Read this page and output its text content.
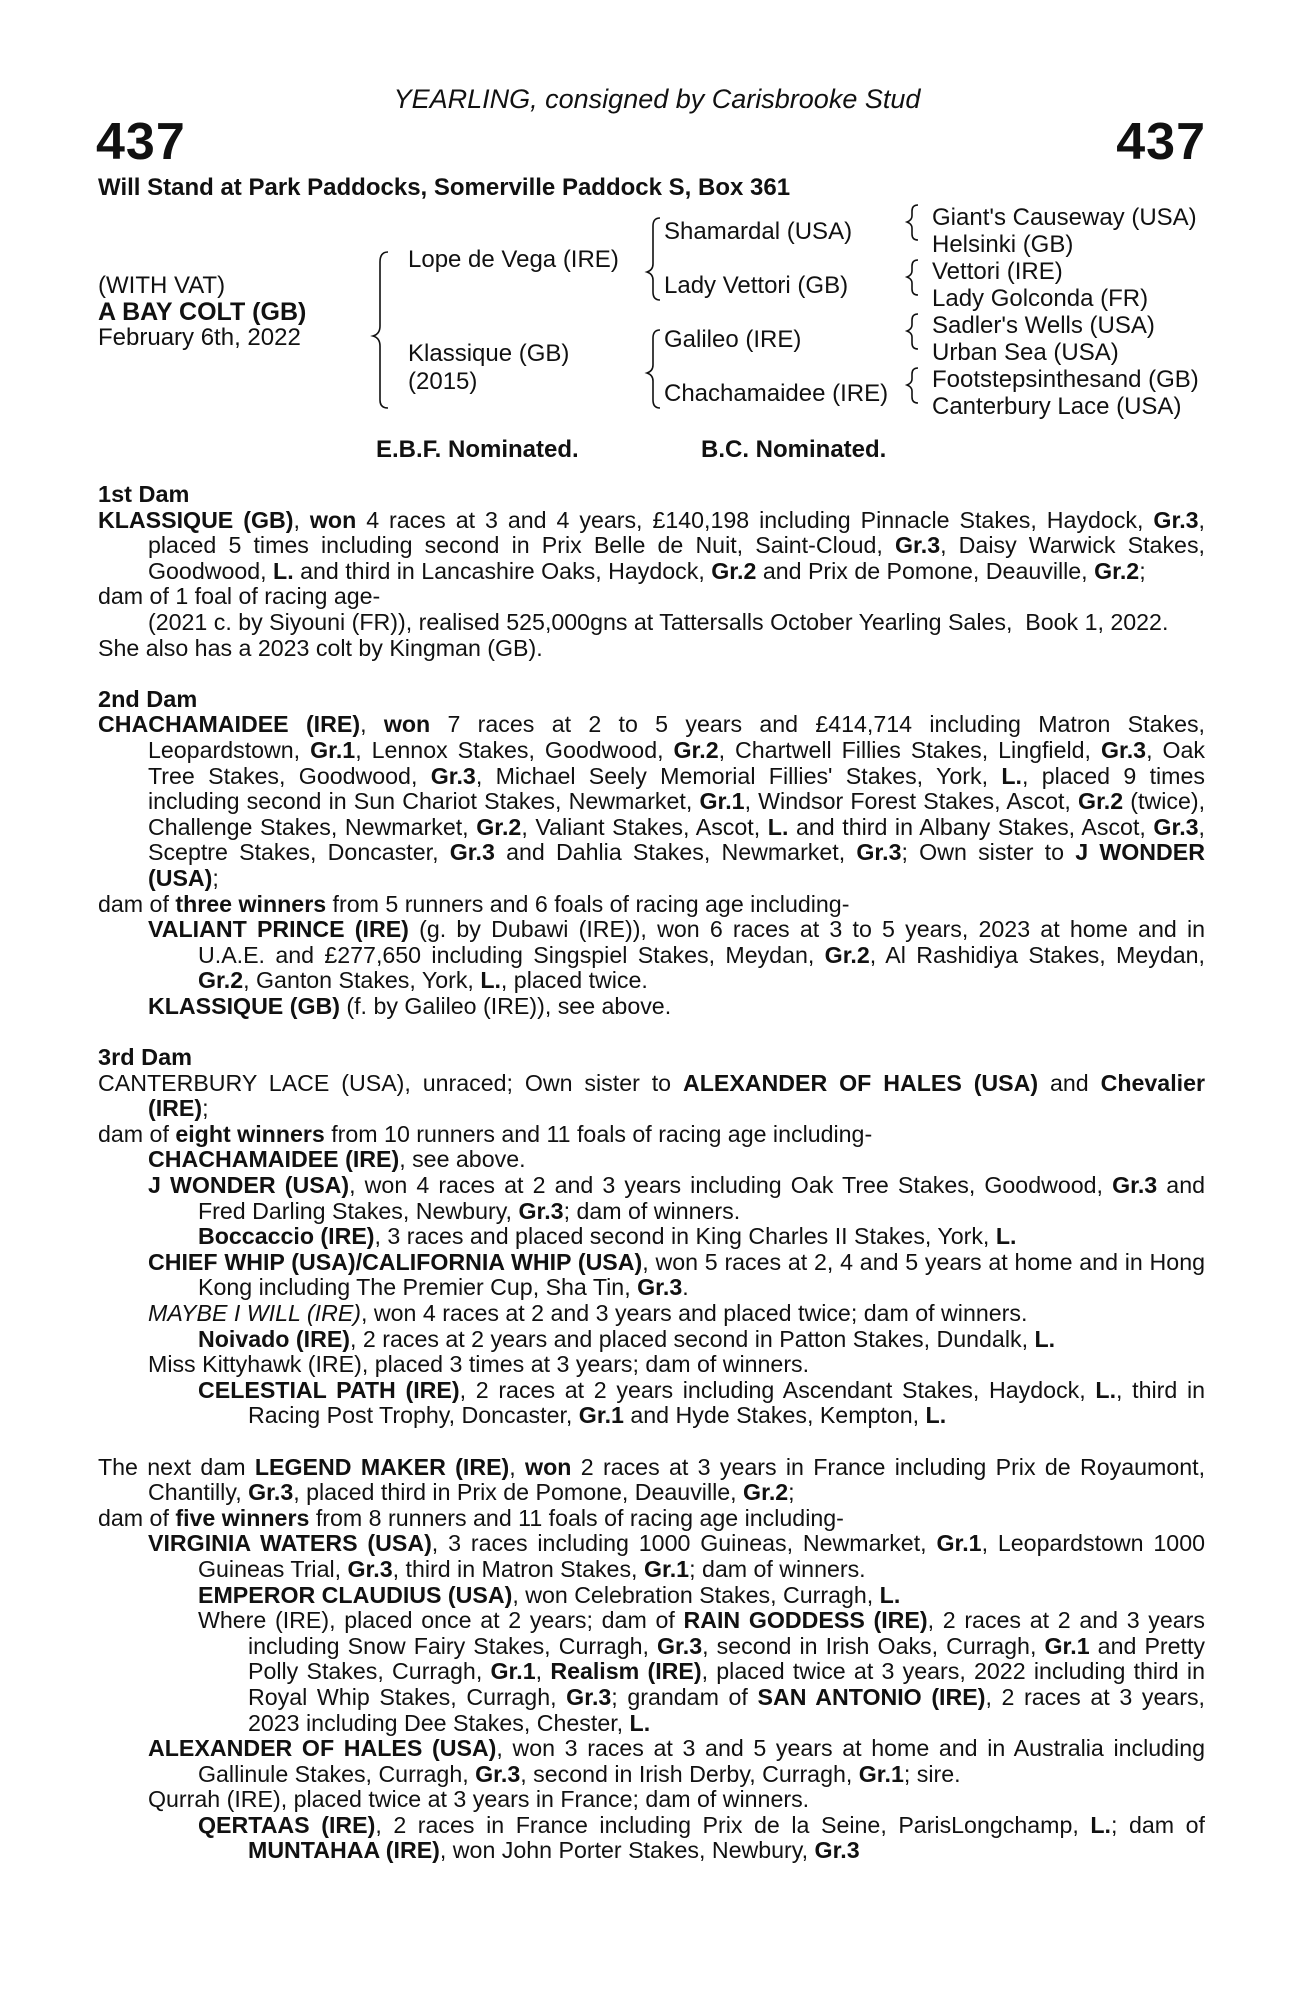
YEARLING, consigned by Carisbrooke Stud
437	437
Will Stand at Park Paddocks, Somerville Paddock S, Box 361
(WITH VAT)
A BAY COLT (GB)
February 6th, 2022
Lope de Vega (IRE)
Klassique (GB)
(2015)
Shamardal (USA)
Lady Vettori (GB)
Galileo (IRE)
Chachamaidee (IRE)
Giant's Causeway (USA)
Helsinki (GB)
Vettori (IRE)
Lady Golconda (FR)
Sadler's Wells (USA)
Urban Sea (USA)
Footstepsinthesand (GB)
Canterbury Lace (USA)
E.B.F. Nominated.	B.C. Nominated.

1st Dam

KLASSIQUE (GB), won 4 races at 3 and 4 years, £140,198 including Pinnacle Stakes, Haydock, Gr.3, placed 5 times including second in Prix Belle de Nuit, Saint-Cloud, Gr.3, Daisy Warwick Stakes, Goodwood, L. and third in Lancashire Oaks, Haydock, Gr.2 and Prix de Pomone, Deauville, Gr.2;

dam of 1 foal of racing age-

(2021 c. by Siyouni (FR)), realised 525,000gns at Tattersalls October Yearling Sales,  Book 1, 2022.

She also has a 2023 colt by Kingman (GB).

2nd Dam

CHACHAMAIDEE (IRE), won 7 races at 2 to 5 years and £414,714 including Matron Stakes, Leopardstown, Gr.1, Lennox Stakes, Goodwood, Gr.2, Chartwell Fillies Stakes, Lingfield, Gr.3, Oak Tree Stakes, Goodwood, Gr.3, Michael Seely Memorial Fillies' Stakes, York, L., placed 9 times including second in Sun Chariot Stakes, Newmarket, Gr.1, Windsor Forest Stakes, Ascot, Gr.2 (twice), Challenge Stakes, Newmarket, Gr.2, Valiant Stakes, Ascot, L. and third in Albany Stakes, Ascot, Gr.3, Sceptre Stakes, Doncaster, Gr.3 and Dahlia Stakes, Newmarket, Gr.3; Own sister to J WONDER (USA);

dam of three winners from 5 runners and 6 foals of racing age including-

VALIANT PRINCE (IRE) (g. by Dubawi (IRE)), won 6 races at 3 to 5 years, 2023 at home and in U.A.E. and £277,650 including Singspiel Stakes, Meydan, Gr.2, Al Rashidiya Stakes, Meydan, Gr.2, Ganton Stakes, York, L., placed twice.

KLASSIQUE (GB) (f. by Galileo (IRE)), see above.

3rd Dam

CANTERBURY LACE (USA), unraced; Own sister to ALEXANDER OF HALES (USA) and Chevalier (IRE);

dam of eight winners from 10 runners and 11 foals of racing age including-

CHACHAMAIDEE (IRE), see above.

J WONDER (USA), won 4 races at 2 and 3 years including Oak Tree Stakes, Goodwood, Gr.3 and Fred Darling Stakes, Newbury, Gr.3; dam of winners.

Boccaccio (IRE), 3 races and placed second in King Charles II Stakes, York, L.

CHIEF WHIP (USA)/CALIFORNIA WHIP (USA), won 5 races at 2, 4 and 5 years at home and in Hong Kong including The Premier Cup, Sha Tin, Gr.3.

MAYBE I WILL (IRE), won 4 races at 2 and 3 years and placed twice; dam of winners.

Noivado (IRE), 2 races at 2 years and placed second in Patton Stakes, Dundalk, L.

Miss Kittyhawk (IRE), placed 3 times at 3 years; dam of winners.

CELESTIAL PATH (IRE), 2 races at 2 years including Ascendant Stakes, Haydock, L., third in Racing Post Trophy, Doncaster, Gr.1 and Hyde Stakes, Kempton, L.

The next dam LEGEND MAKER (IRE), won 2 races at 3 years in France including Prix de Royaumont, Chantilly, Gr.3, placed third in Prix de Pomone, Deauville, Gr.2;

dam of five winners from 8 runners and 11 foals of racing age including-

VIRGINIA WATERS (USA), 3 races including 1000 Guineas, Newmarket, Gr.1, Leopardstown 1000 Guineas Trial, Gr.3, third in Matron Stakes, Gr.1; dam of winners.

EMPEROR CLAUDIUS (USA), won Celebration Stakes, Curragh, L.

Where (IRE), placed once at 2 years; dam of RAIN GODDESS (IRE), 2 races at 2 and 3 years including Snow Fairy Stakes, Curragh, Gr.3, second in Irish Oaks, Curragh, Gr.1 and Pretty Polly Stakes, Curragh, Gr.1, Realism (IRE), placed twice at 3 years, 2022 including third in Royal Whip Stakes, Curragh, Gr.3; grandam of SAN ANTONIO (IRE), 2 races at 3 years, 2023 including Dee Stakes, Chester, L.

ALEXANDER OF HALES (USA), won 3 races at 3 and 5 years at home and in Australia including Gallinule Stakes, Curragh, Gr.3, second in Irish Derby, Curragh, Gr.1; sire.

Qurrah (IRE), placed twice at 3 years in France; dam of winners.

QERTAAS (IRE), 2 races in France including Prix de la Seine, ParisLongchamp, L.; dam of MUNTAHAA (IRE), won John Porter Stakes, Newbury, Gr.3
